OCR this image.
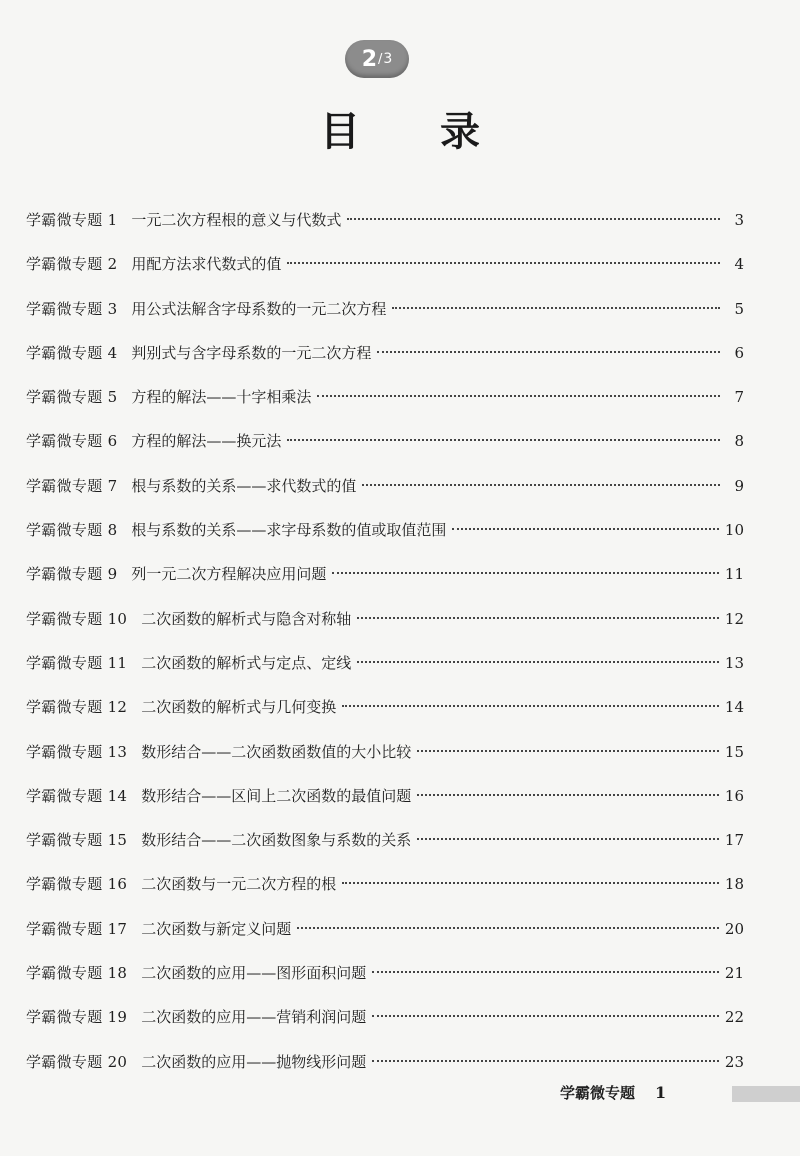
2 / 3
目录
学霸微专题 1 一元二次方程根的意义与代数式	3
学霸微专题 2 用配方法求代数式的值	4
学霸微专题 3 用公式法解含字母系数的一元二次方程	5
学霸微专题 4 判别式与含字母系数的一元二次方程	6
学霸微专题 5 方程的解法——十字相乘法	7
学霸微专题 6 方程的解法——换元法	8
学霸微专题 7 根与系数的关系——求代数式的值	9
学霸微专题 8 根与系数的关系——求字母系数的值或取值范围	10
学霸微专题 9 列一元二次方程解决应用问题	11
学霸微专题 10 二次函数的解析式与隐含对称轴	12
学霸微专题 11 二次函数的解析式与定点、定线	13
学霸微专题 12 二次函数的解析式与几何变换	14
学霸微专题 13 数形结合——二次函数函数值的大小比较	15
学霸微专题 14 数形结合——区间上二次函数的最值问题	16
学霸微专题 15 数形结合——二次函数图象与系数的关系	17
学霸微专题 16 二次函数与一元二次方程的根	18
学霸微专题 17 二次函数与新定义问题	20
学霸微专题 18 二次函数的应用——图形面积问题	21
学霸微专题 19 二次函数的应用——营销利润问题	22
学霸微专题 20 二次函数的应用——抛物线形问题	23
学霸微专题 1
